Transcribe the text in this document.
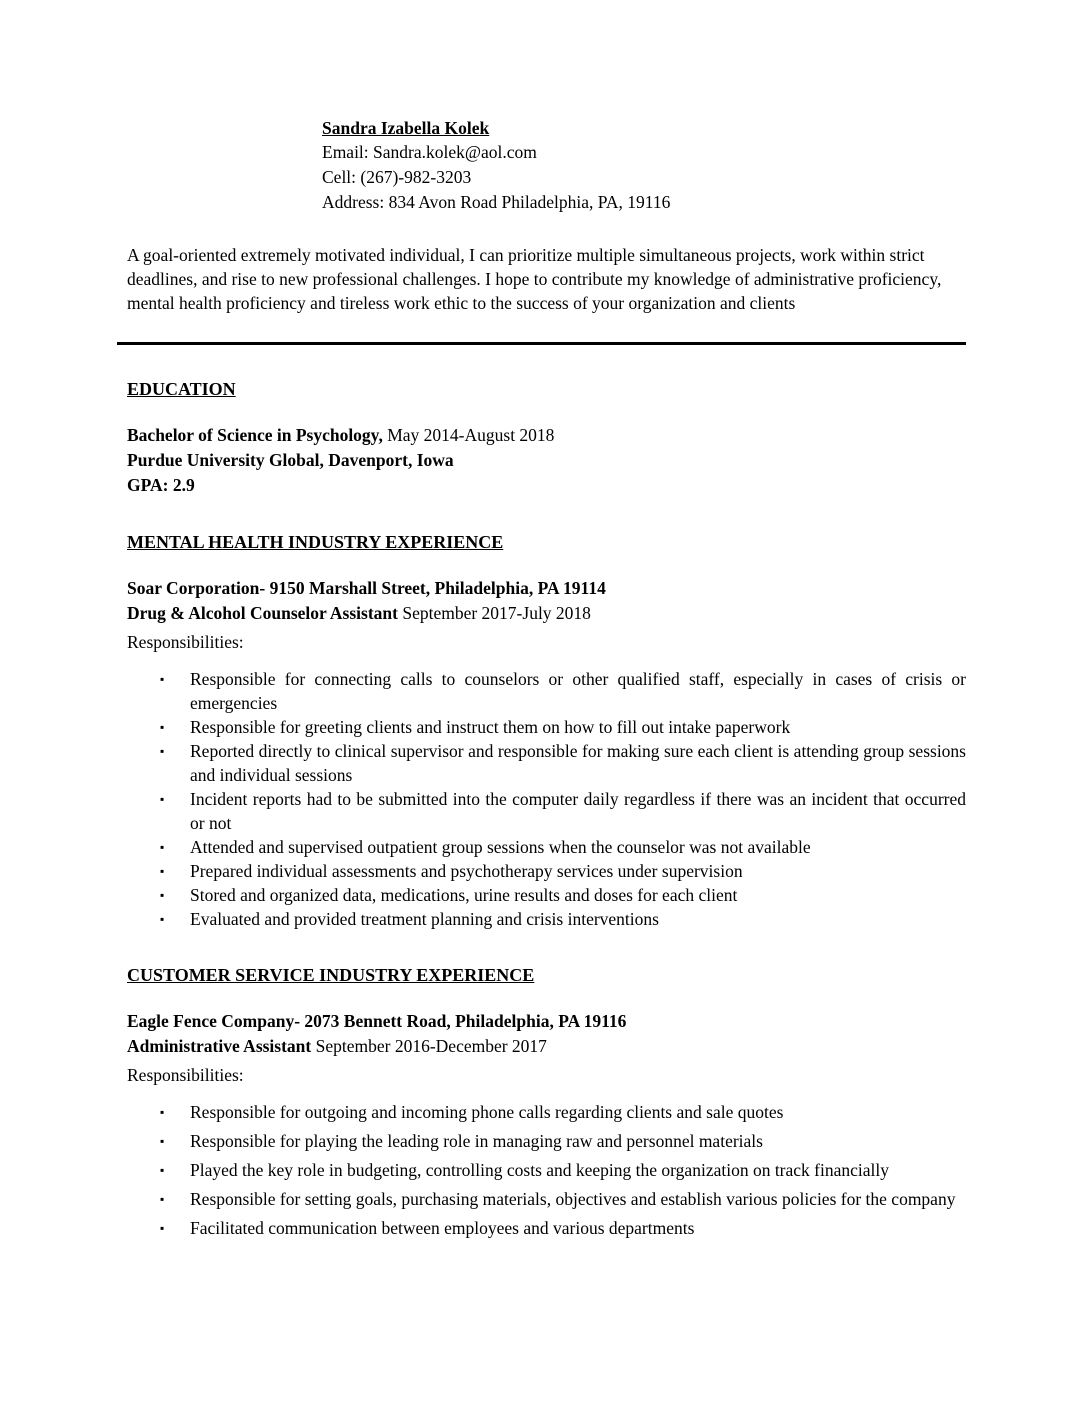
Sandra Izabella Kolek
Email: Sandra.kolek@aol.com
Cell: (267)-982-3203
Address: 834 Avon Road Philadelphia, PA, 19116

A goal-oriented extremely motivated individual, I can prioritize multiple simultaneous projects, work within strict deadlines, and rise to new professional challenges. I hope to contribute my knowledge of administrative proficiency, mental health proficiency and tireless work ethic to the success of your organization and clients

EDUCATION
Bachelor of Science in Psychology, May 2014-August 2018
Purdue University Global, Davenport, Iowa
GPA: 2.9
MENTAL HEALTH INDUSTRY EXPERIENCE
Soar Corporation- 9150 Marshall Street, Philadelphia, PA 19114
Drug & Alcohol Counselor Assistant September 2017-July 2018
Responsibilities:
▪	Responsible for connecting calls to counselors or other qualified staff, especially in cases of crisis or emergencies
▪	Responsible for greeting clients and instruct them on how to fill out intake paperwork
▪	Reported directly to clinical supervisor and responsible for making sure each client is attending group sessions and individual sessions
▪	Incident reports had to be submitted into the computer daily regardless if there was an incident that occurred or not
▪	Attended and supervised outpatient group sessions when the counselor was not available
▪	Prepared individual assessments and psychotherapy services under supervision
▪	Stored and organized data, medications, urine results and doses for each client
▪	Evaluated and provided treatment planning and crisis interventions
CUSTOMER SERVICE INDUSTRY EXPERIENCE
Eagle Fence Company- 2073 Bennett Road, Philadelphia, PA 19116
Administrative Assistant September 2016-December 2017
Responsibilities:
▪	Responsible for outgoing and incoming phone calls regarding clients and sale quotes
▪	Responsible for playing the leading role in managing raw and personnel materials
▪	Played the key role in budgeting, controlling costs and keeping the organization on track financially
▪	Responsible for setting goals, purchasing materials, objectives and establish various policies for the company
▪	Facilitated communication between employees and various departments
